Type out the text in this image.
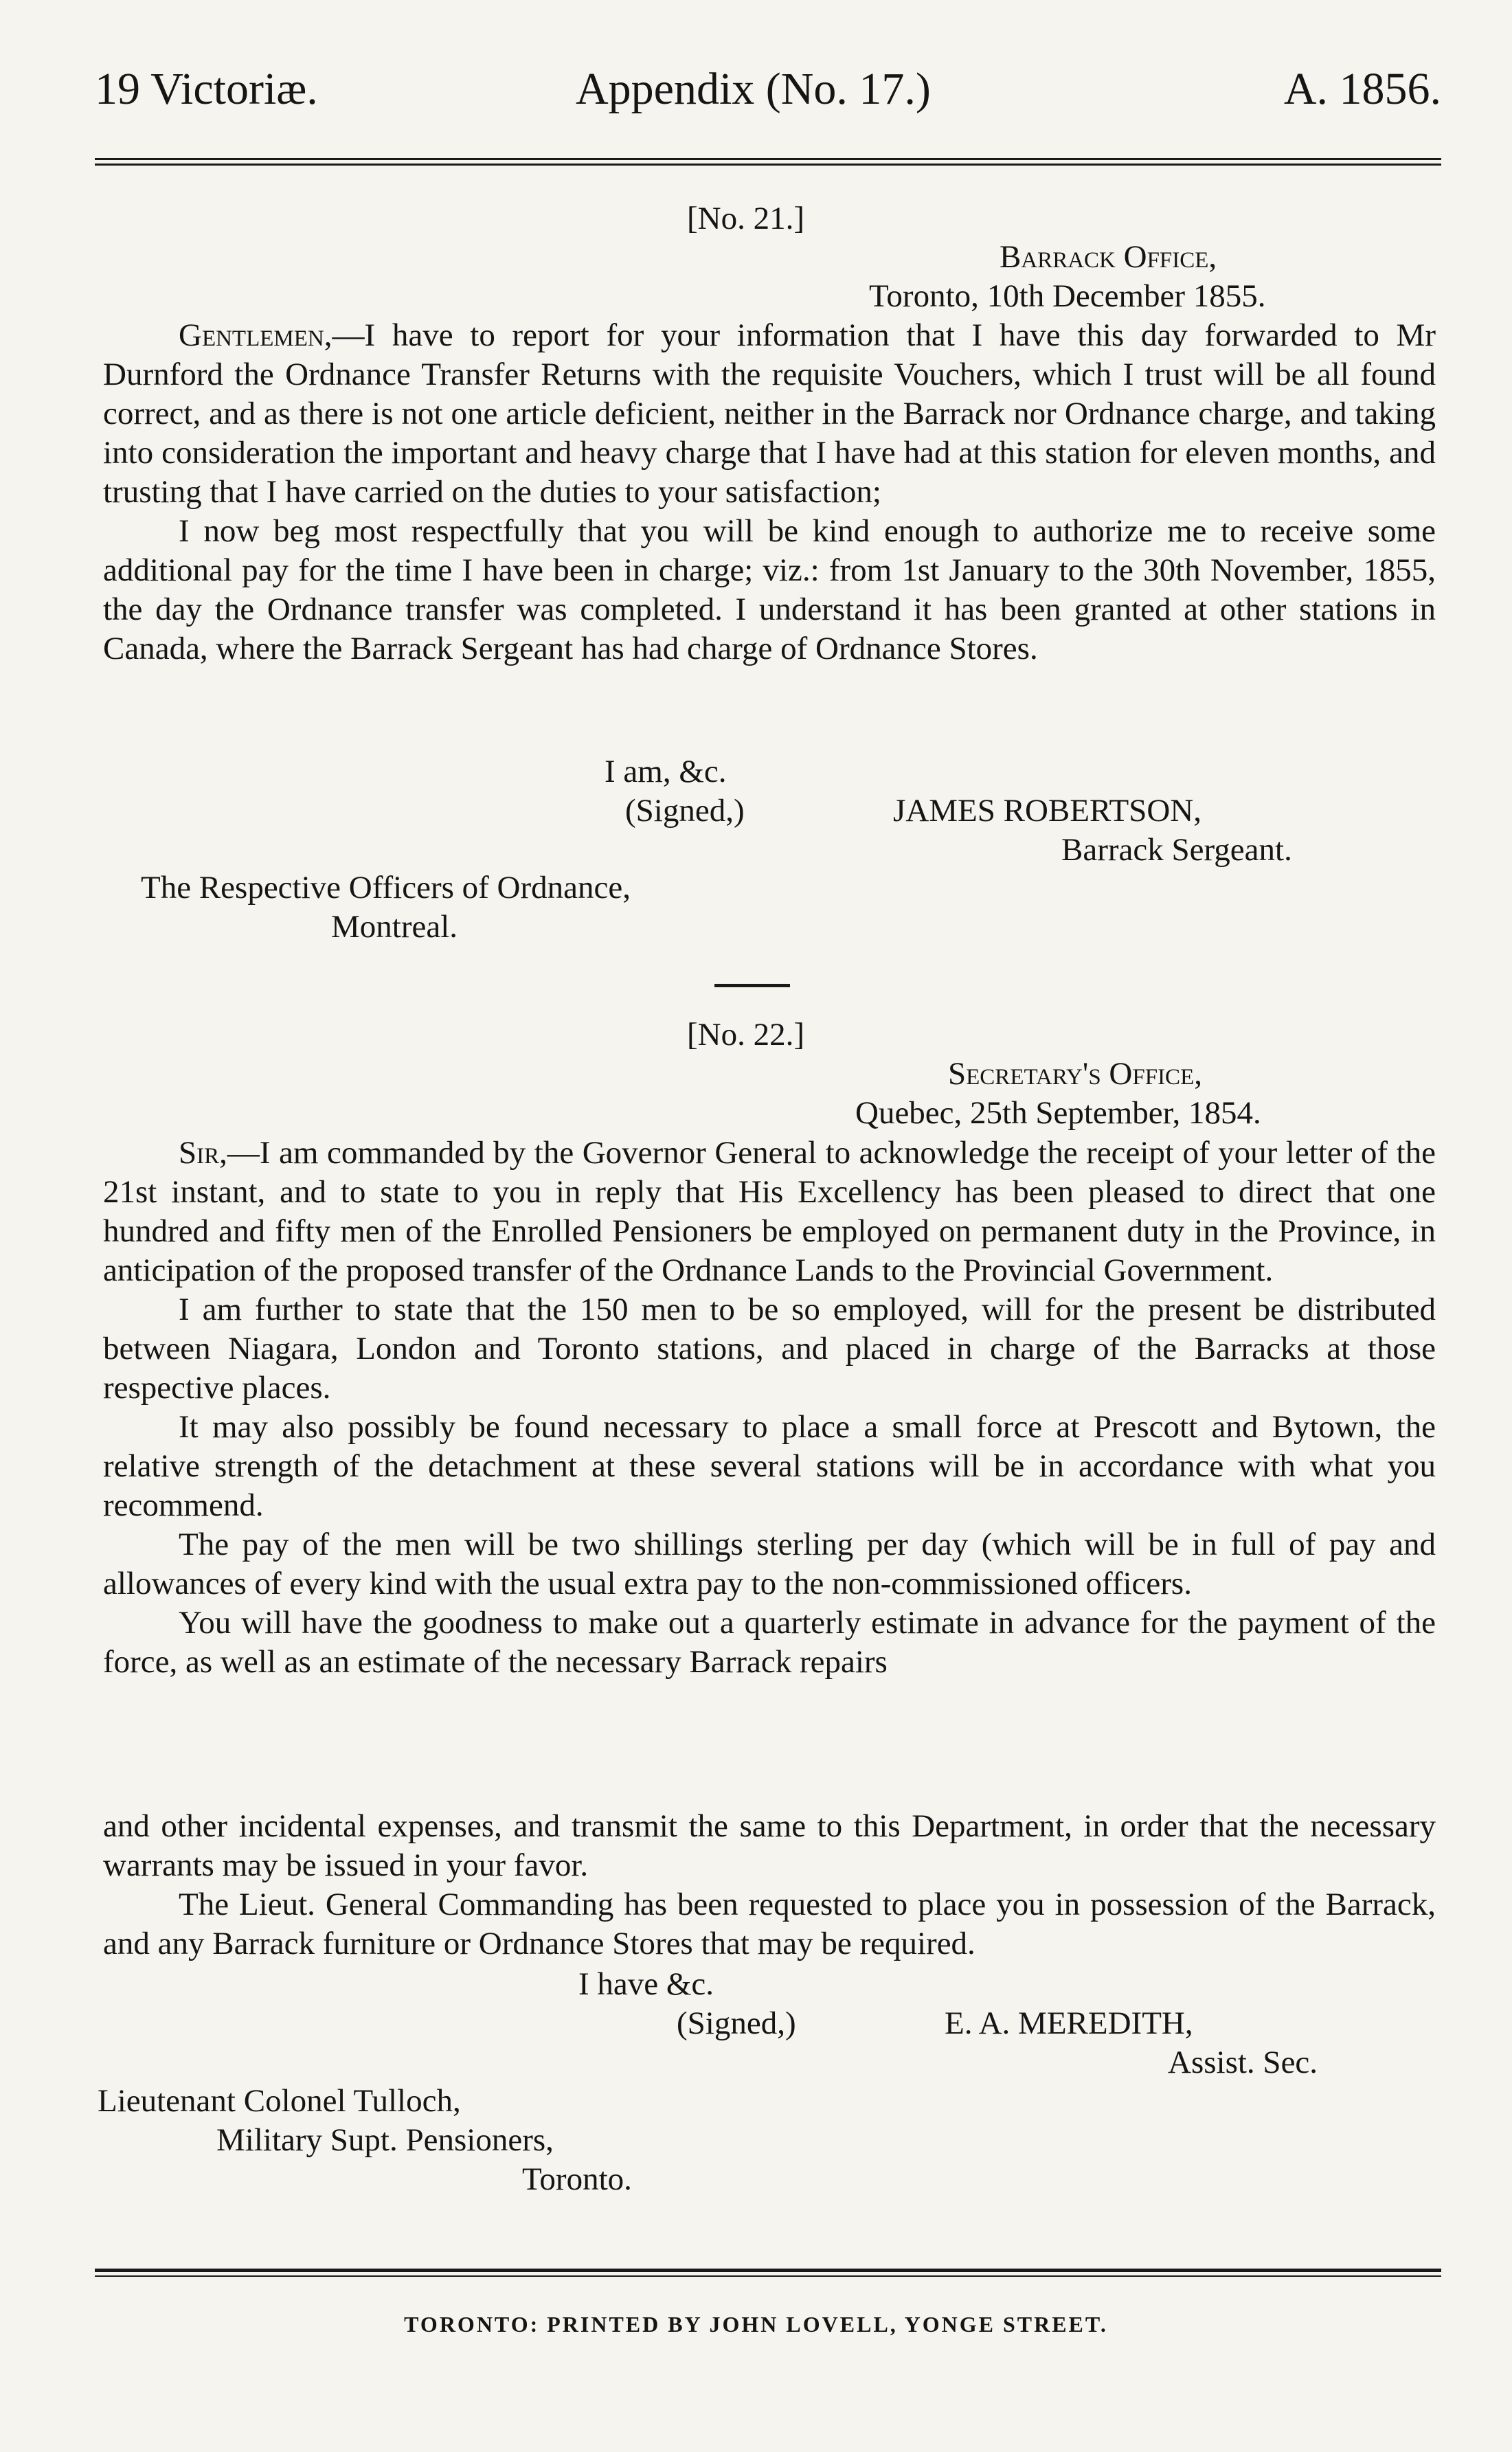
19 Victoriæ.	Appendix (No. 17.)	A. 1856.
[No. 21.]
Barrack Office,
Toronto, 10th December 1855.

Gentlemen,—I have to report for your information that I have this day forwarded to Mr Durnford the Ordnance Transfer Returns with the requisite Vouchers, which I trust will be all found correct, and as there is not one article deficient, neither in the Barrack nor Ordnance charge, and taking into consideration the important and heavy charge that I have had at this station for eleven months, and trusting that I have carried on the duties to your satisfaction;

I now beg most respectfully that you will be kind enough to authorize me to receive some additional pay for the time I have been in charge; viz.: from 1st January to the 30th November, 1855, the day the Ordnance transfer was completed. I understand it has been granted at other stations in Canada, where the Barrack Sergeant has had charge of Ordnance Stores.

I am, &c.
(Signed,)	JAMES ROBERTSON,
Barrack Sergeant.
The Respective Officers of Ordnance,
Montreal.
[No. 22.]
Secretary's Office,
Quebec, 25th September, 1854.

Sir,—I am commanded by the Governor General to acknowledge the receipt of your letter of the 21st instant, and to state to you in reply that His Excellency has been pleased to direct that one hundred and fifty men of the Enrolled Pensioners be employed on permanent duty in the Province, in anticipation of the proposed transfer of the Ordnance Lands to the Provincial Government.

I am further to state that the 150 men to be so employed, will for the present be distributed between Niagara, London and Toronto stations, and placed in charge of the Barracks at those respective places.

It may also possibly be found necessary to place a small force at Prescott and Bytown, the relative strength of the detachment at these several stations will be in accordance with what you recommend.

The pay of the men will be two shillings sterling per day (which will be in full of pay and allowances of every kind with the usual extra pay to the non-commissioned officers.

You will have the goodness to make out a quarterly estimate in advance for the payment of the force, as well as an estimate of the necessary Barrack repairs

and other incidental expenses, and transmit the same to this Department, in order that the necessary warrants may be issued in your favor.

The Lieut. General Commanding has been requested to place you in possession of the Barrack, and any Barrack furniture or Ordnance Stores that may be required.

I have &c.
(Signed,)	E. A. MEREDITH,
Assist. Sec.
Lieutenant Colonel Tulloch,
Military Supt. Pensioners,
Toronto.
TORONTO: PRINTED BY JOHN LOVELL, YONGE STREET.
